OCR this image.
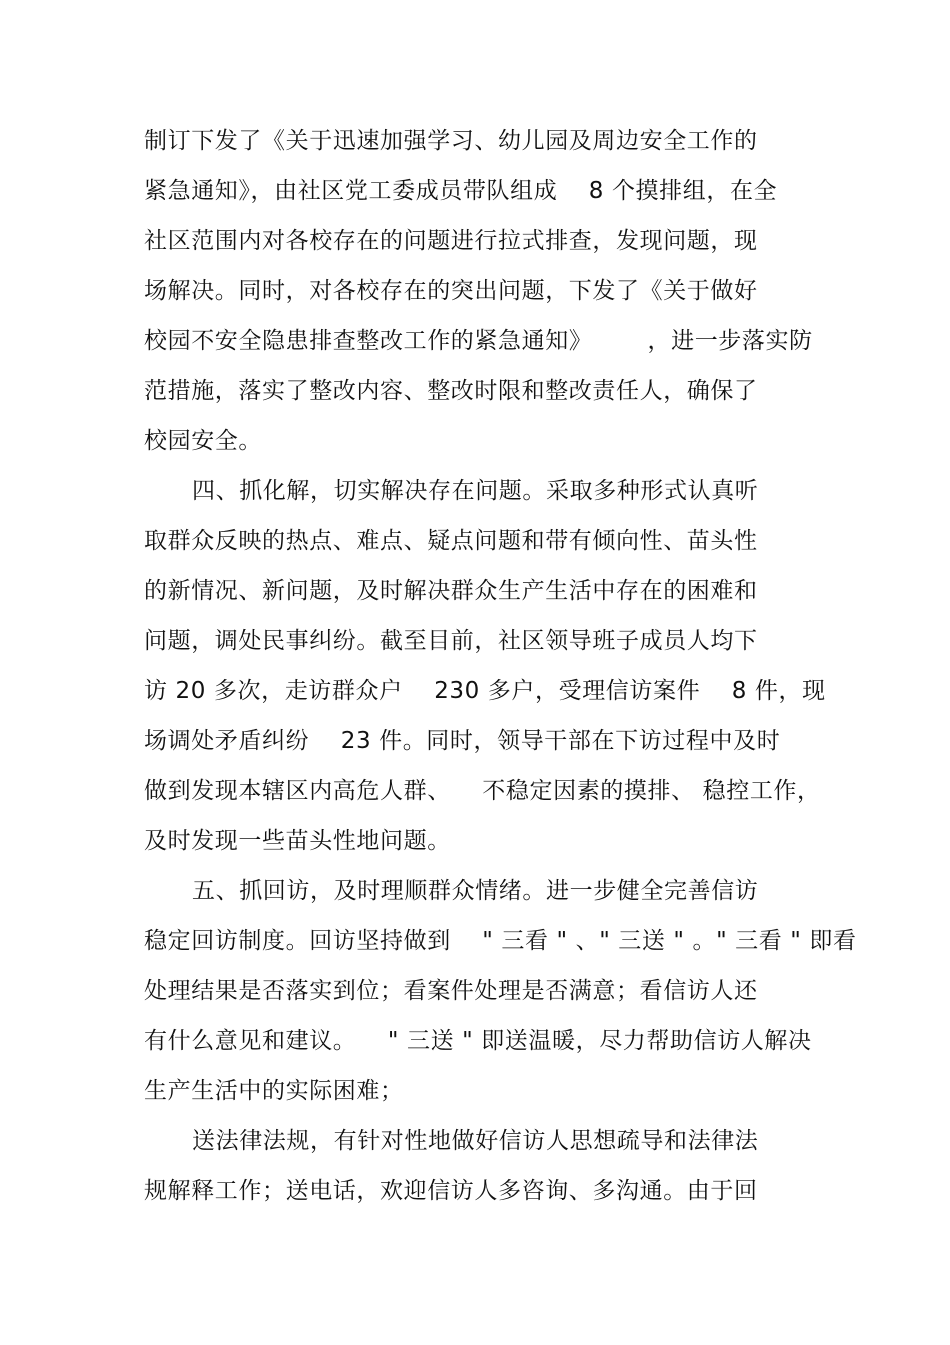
制订下发了《关于迅速加强学习、幼儿园及周边安全工作的
紧急通知》，由社区党工委成员带队组成 　8 个摸排组，在全
社区范围内对各校存在的问题进行拉式排查，发现问题，现
场解决。同时，对各校存在的突出问题，下发了《关于做好
校园不安全隐患排查整改工作的紧急通知》 　　，进一步落实防
范措施，落实了整改内容、整改时限和整改责任人，确保了
校园安全。
四、抓化解，切实解决存在问题。采取多种形式认真听
取群众反映的热点、难点、疑点问题和带有倾向性、苗头性
的新情况、新问题，及时解决群众生产生活中存在的困难和
问题，调处民事纠纷。截至目前，社区领导班子成员人均下
访 20 多次，走访群众户 　230 多户，受理信访案件 　8 件，现
场调处矛盾纠纷 　23 件。同时，领导干部在下访过程中及时
做到发现本辖区内高危人群、 　不稳定因素的摸排、 稳控工作，
及时发现一些苗头性地问题。
五、抓回访，及时理顺群众情绪。进一步健全完善信访
稳定回访制度。回访坚持做到 　" 三看 " 、" 三送 " 。" 三看 " 即看
处理结果是否落实到位；看案件处理是否满意；看信访人还
有什么意见和建议。 　" 三送 " 即送温暖，尽力帮助信访人解决
生产生活中的实际困难；
送法律法规，有针对性地做好信访人思想疏导和法律法
规解释工作；送电话，欢迎信访人多咨询、多沟通。由于回
